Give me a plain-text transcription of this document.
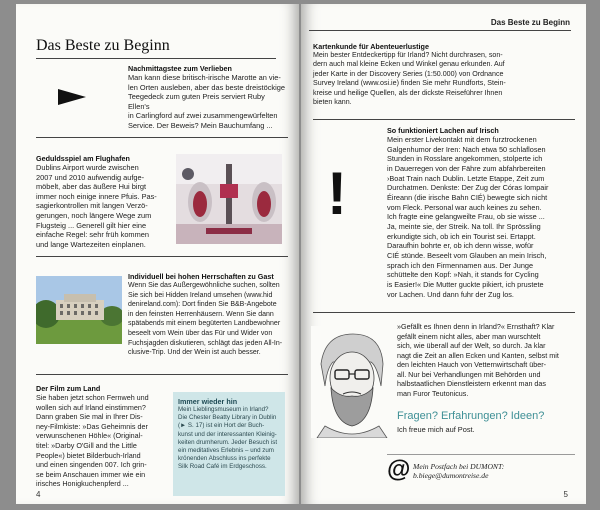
Das Beste zu Beginn
Nachmittagstee zum Verlieben
Man kann diese britisch-irische Marotte an vie-
len Orten ausleben, aber das beste dreistöckige
Teegedeck zum guten Preis serviert Ruby Ellen's
in Carlingford auf zwei zusammengewürfelten
Service. Der Beweis? Mein Bauchumfang ...
Geduldsspiel am Flughafen
Dublins Airport wurde zwischen
2007 und 2010 aufwendig aufge-
möbelt, aber das äußere Hui birgt
immer noch einige innere Pfuis. Pas-
sagierkontrollen mit langen Verzö-
gerungen, noch längere Wege zum
Flugsteig ... Generell gilt hier eine
einfache Regel: sehr früh kommen
und lange Wartezeiten einplanen.
Individuell bei hohen Herrschaften zu Gast
Wenn Sie das Außergewöhnliche suchen, sollten
Sie sich bei Hidden Ireland umsehen (www.hid
denireland.com): Dort finden Sie B&B-Angebote
in den feinsten Herrenhäusern. Wenn Sie dann
spätabends mit einem begüterten Landbewohner
beseelt vom Wein über das Für und Wider von
Fuchsjagden diskutieren, schlägt das jeden All-In-
clusive-Trip. Und der Wein ist auch besser.
Der Film zum Land
Sie haben jetzt schon Fernweh und
wollen sich auf Irland einstimmen?
Dann graben Sie mal in Ihrer Dis-
ney-Filmkiste: »Das Geheimnis der
verwunschenen Höhle« (Original-
titel: »Darby O'Gill and the Little
People«) bietet Bilderbuch-Irland
und einen singenden 007. Ich grin-
se beim Anschauen immer wie ein
irisches Honigkuchenpferd ...
Immer wieder hin
Mein Lieblingsmuseum in Irland?
Die Chester Beatty Library in Dublin
(► S. 17) ist ein Hort der Buch-
kunst und der interessanten Kleinig-
keiten drumherum. Jeder Besuch ist
ein meditatives Erlebnis – und zum
krönenden Abschluss ins perfekte
Silk Road Café im Erdgeschoss.
4
Das Beste zu Beginn
Kartenkunde für Abenteuerlustige
Mein bester Entdeckertipp für Irland? Nicht durchrasen, son-
dern auch mal kleine Ecken und Winkel genau erkunden. Auf
jeder Karte in der Discovery Series (1:50.000) von Ordnance
Survey Ireland (www.osi.ie) finden Sie mehr Rundforts, Stein-
kreise und heilige Quellen, als der dickste Reiseführer Ihnen
bieten kann.
!
So funktioniert Lachen auf Irisch
Mein erster Livekontakt mit dem furztrockenen
Galgenhumor der Iren: Nach etwa 50 schlaflosen
Stunden in Rosslare angekommen, stolperte ich
in Dauerregen von der Fähre zum abfahrbereiten
›Boat Train nach Dublin. Letzte Etappe, Zeit zum
Durchatmen. Denkste: Der Zug der Córas Iompair
Éireann (die irische Bahn CIÉ) bewegte sich nicht
vom Fleck. Personal war auch keines zu sehen.
Ich fragte eine gelangweilte Frau, ob sie wisse ...
Ja, meinte sie, der Streik. Na toll. Ihr Sprössling
erkundigte sich, ob ich ein Tourist sei. Ertappt.
Daraufhin bohrte er, ob ich denn wisse, wofür
CIÉ stünde. Beseelt vom Glauben an mein Irisch,
sprach ich den Firmennamen aus. Der Junge
schüttelte den Kopf: »Nah, it stands for Cycling
is Easier!« Die Mutter guckte pikiert, ich prustete
vor Lachen. Und dann fuhr der Zug los.
»Gefällt es Ihnen denn in Irland?« Ernsthaft? Klar
gefällt einem nicht alles, aber man wurschtelt
sich, wie überall auf der Welt, so durch. Ja klar
nagt die Zeit an allen Ecken und Kanten, selbst mit
den leichten Hauch von Vetternwirtschaft über-
all. Nur bei Verhandlungen mit Behörden und
halbstaatlichen Dienstleistern erkennt man das
man Furor Teutonicus.
Fragen? Erfahrungen? Ideen?
Ich freue mich auf Post.
@ Mein Postfach bei DUMONT:
b.biege@dumontreise.de
5
